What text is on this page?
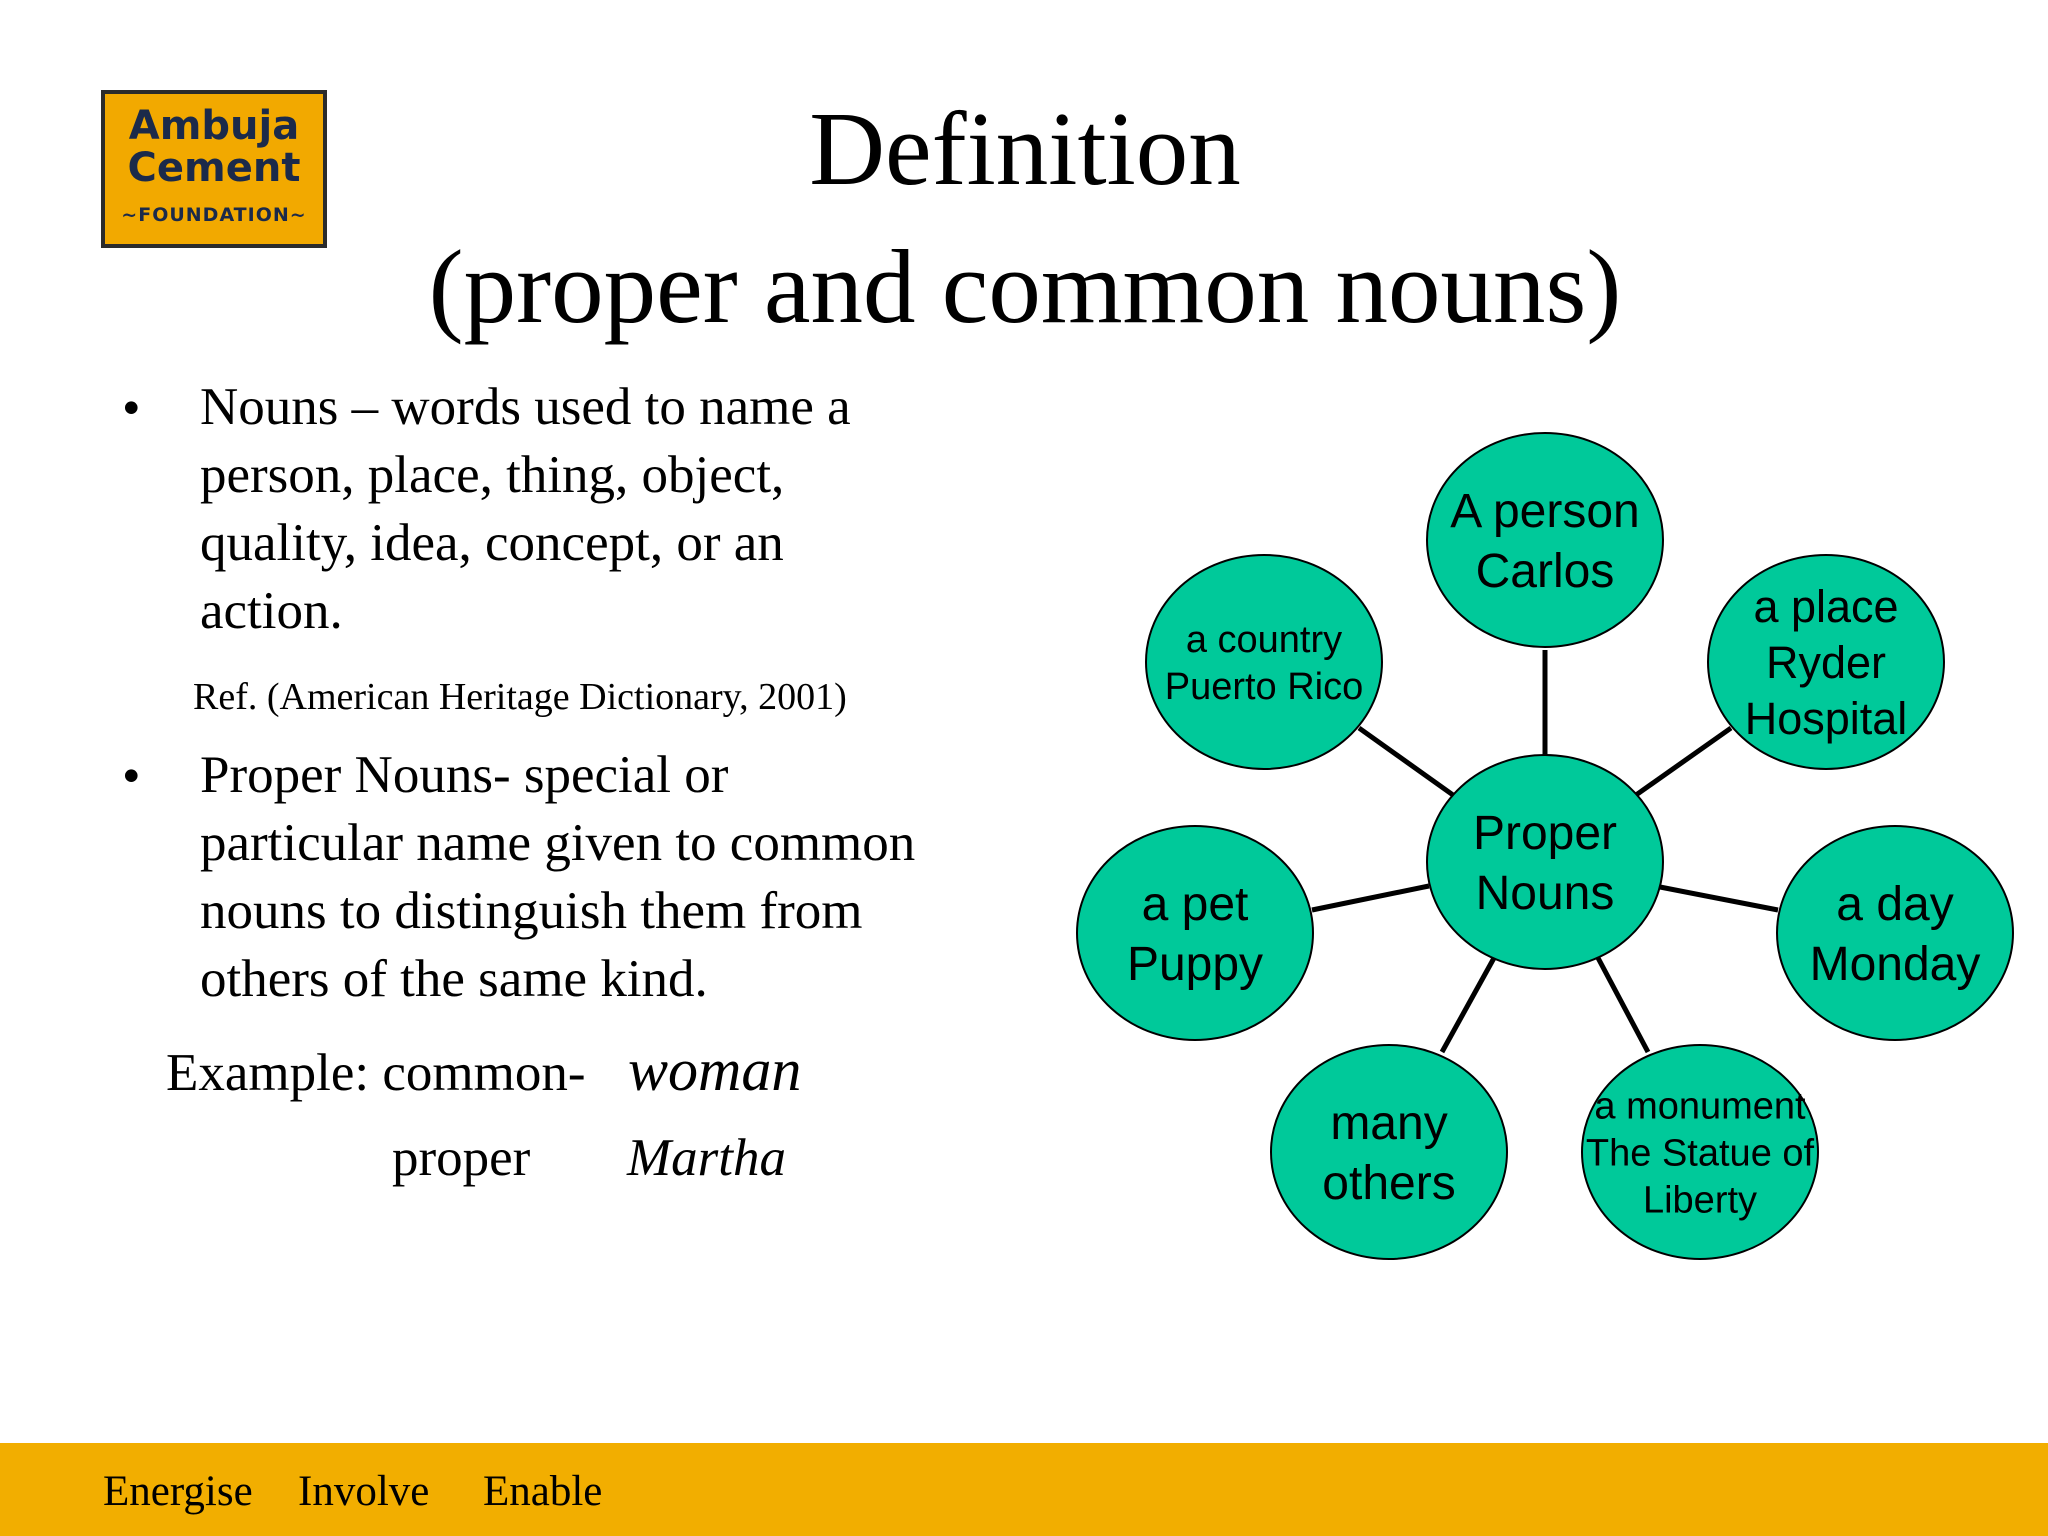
Ambuja
Cement
~FOUNDATION~
Definition
(proper and common nouns)
• Nouns – words used to name a
person, place, thing, object,
quality, idea, concept, or an
action.
Ref. (American Heritage Dictionary, 2001)
• Proper Nouns- special or
particular name given to common
nouns to distinguish them from
others of the same kind.
Example: common- woman
proper Martha
Proper
Nouns
A person
Carlos
a place
Ryder
Hospital
a day
Monday
a monument
The Statue of
Liberty
many
others
a pet
Puppy
a country
Puerto Rico
Energise Involve Enable
